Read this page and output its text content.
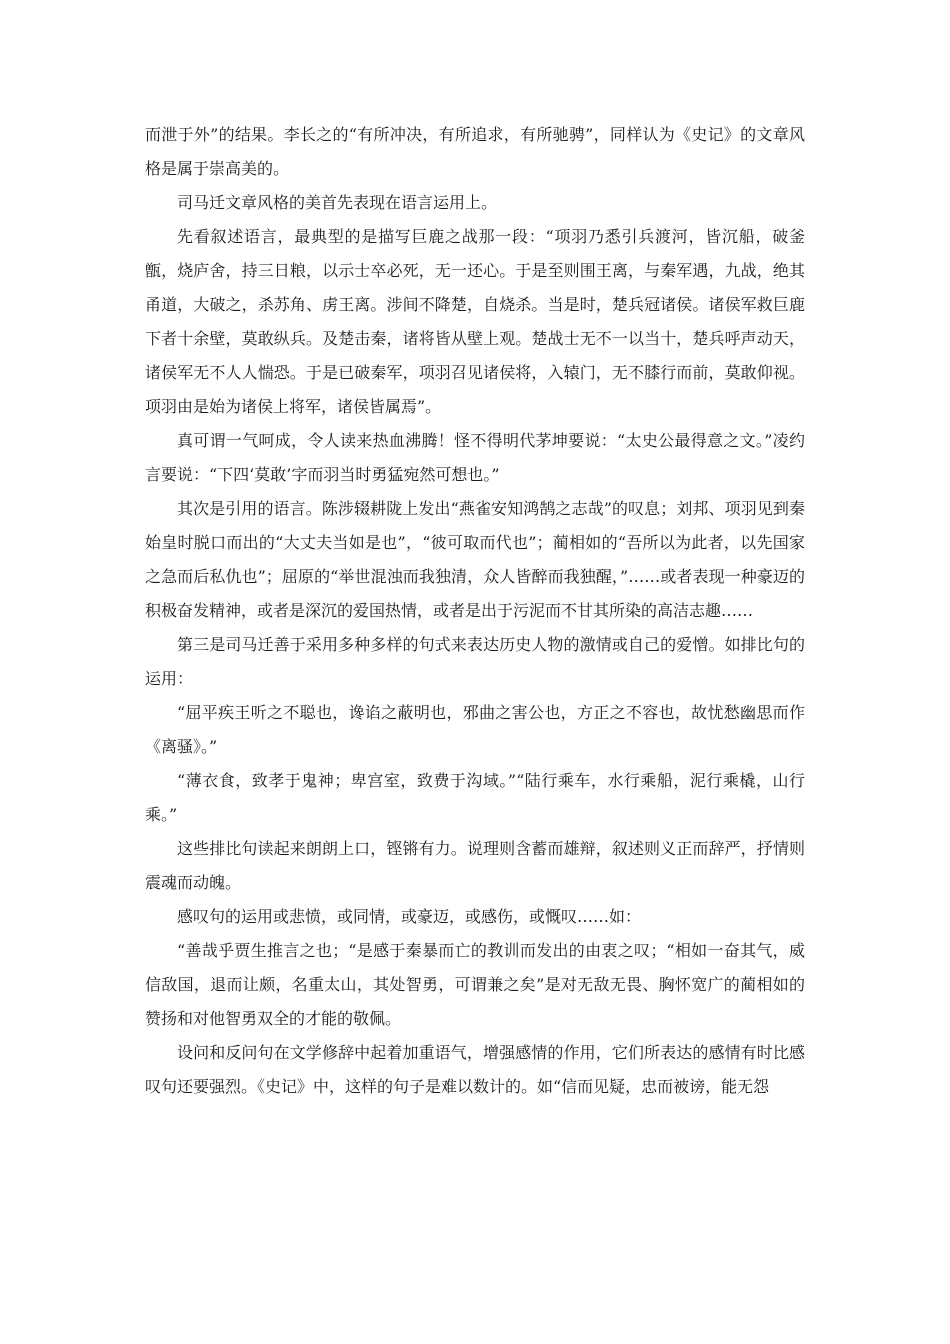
而泄于外”的结果。李长之的“有所冲决，有所追求，有所驰骋”，同样认为《史记》的文章风格是属于崇高美的。

司马迁文章风格的美首先表现在语言运用上。

先看叙述语言，最典型的是描写巨鹿之战那一段：“项羽乃悉引兵渡河，皆沉船，破釜甑，烧庐舍，持三日粮，以示士卒必死，无一还心。于是至则围王离，与秦军遇，九战，绝其甬道，大破之，杀苏角、虏王离。涉间不降楚，自烧杀。当是时，楚兵冠诸侯。诸侯军救巨鹿下者十余壁，莫敢纵兵。及楚击秦，诸将皆从壁上观。楚战士无不一以当十，楚兵呼声动天，诸侯军无不人人惴恐。于是已破秦军，项羽召见诸侯将，入辕门，无不膝行而前，莫敢仰视。项羽由是始为诸侯上将军，诸侯皆属焉”。

真可谓一气呵成，令人读来热血沸腾！怪不得明代茅坤要说：“太史公最得意之文。”凌约言要说：“下四‘莫敢’字而羽当时勇猛宛然可想也。”

其次是引用的语言。陈涉辍耕陇上发出“燕雀安知鸿鹄之志哉”的叹息；刘邦、项羽见到秦始皇时脱口而出的“大丈夫当如是也”，“彼可取而代也”；蔺相如的“吾所以为此者，以先国家之急而后私仇也”；屈原的“举世混浊而我独清，众人皆醉而我独醒，”……或者表现一种豪迈的积极奋发精神，或者是深沉的爱国热情，或者是出于污泥而不甘其所染的高洁志趣……

第三是司马迁善于采用多种多样的句式来表达历史人物的激情或自己的爱憎。如排比句的运用：

“屈平疾王听之不聪也，谗谄之蔽明也，邪曲之害公也，方正之不容也，故忧愁幽思而作《离骚》。”

“薄衣食，致孝于鬼神；卑宫室，致费于沟域。”“陆行乘车，水行乘船，泥行乘橇，山行乘。”

这些排比句读起来朗朗上口，铿锵有力。说理则含蓄而雄辩，叙述则义正而辞严，抒情则震魂而动魄。

感叹句的运用或悲愤，或同情，或豪迈，或感伤，或慨叹……如：

“善哉乎贾生推言之也；“是感于秦暴而亡的教训而发出的由衷之叹；“相如一奋其气，威信敌国，退而让颇，名重太山，其处智勇，可谓兼之矣”是对无敌无畏、胸怀宽广的蔺相如的赞扬和对他智勇双全的才能的敬佩。

设问和反问句在文学修辞中起着加重语气，增强感情的作用，它们所表达的感情有时比感叹句还要强烈。《史记》中，这样的句子是难以数计的。如“信而见疑，忠而被谤，能无怨
